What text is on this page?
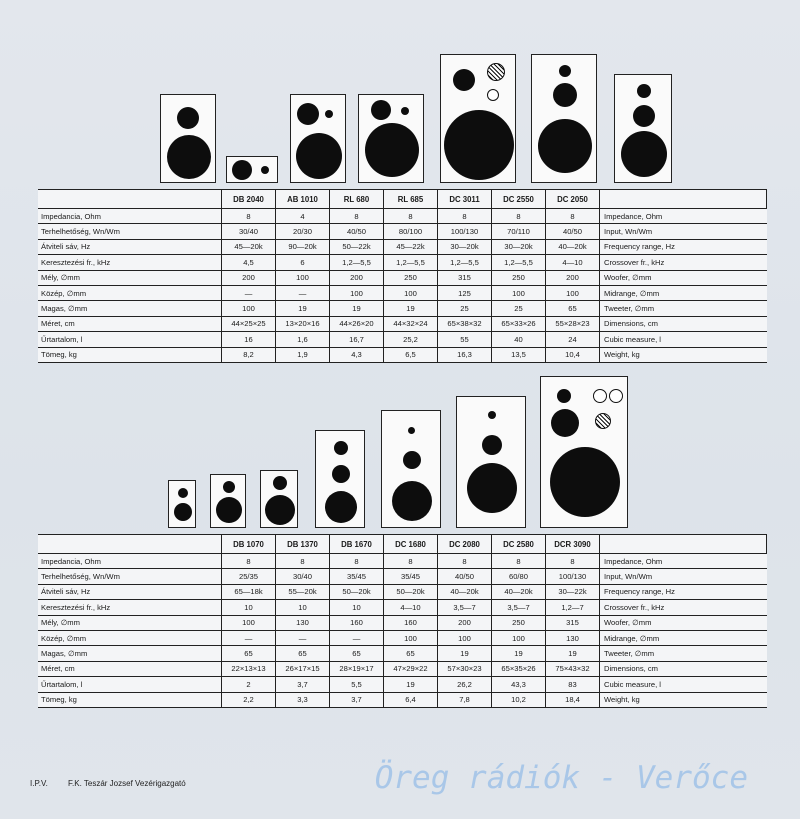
	DB 2040	AB 1010	RL 680	RL 685	DC 3011	DC 2550	DC 2050	
Impedancia, Ohm	8	4	8	8	8	8	8	Impedance, Ohm
Terhelhetőség, Wn/Wm	30/40	20/30	40/50	80/100	100/130	70/110	40/50	Input, Wn/Wm
Átviteli sáv, Hz	45—20k	90—20k	50—22k	45—22k	30—20k	30—20k	40—20k	Frequency range, Hz
Keresztezési fr., kHz	4,5	6	1,2—5,5	1,2—5,5	1,2—5,5	1,2—5,5	4—10	Crossover fr., kHz
Mély, ∅mm	200	100	200	250	315	250	200	Woofer, ∅mm
Közép, ∅mm	—	—	100	100	125	100	100	Midrange, ∅mm
Magas, ∅mm	100	19	19	19	25	25	65	Tweeter, ∅mm
Méret, cm	44×25×25	13×20×16	44×26×20	44×32×24	65×38×32	65×33×26	55×28×23	Dimensions, cm
Űrtartalom, l	16	1,6	16,7	25,2	55	40	24	Cubic measure, l
Tömeg, kg	8,2	1,9	4,3	6,5	16,3	13,5	10,4	Weight, kg
	DB 1070	DB 1370	DB 1670	DC 1680	DC 2080	DC 2580	DCR 3090	
Impedancia, Ohm	8	8	8	8	8	8	8	Impedance, Ohm
Terhelhetőség, Wn/Wm	25/35	30/40	35/45	35/45	40/50	60/80	100/130	Input, Wn/Wm
Átviteli sáv, Hz	65—18k	55—20k	50—20k	50—20k	40—20k	40—20k	30—22k	Frequency range, Hz
Keresztezési fr., kHz	10	10	10	4—10	3,5—7	3,5—7	1,2—7	Crossover fr., kHz
Mély, ∅mm	100	130	160	160	200	250	315	Woofer, ∅mm
Közép, ∅mm	—	—	—	100	100	100	130	Midrange, ∅mm
Magas, ∅mm	65	65	65	65	19	19	19	Tweeter, ∅mm
Méret, cm	22×13×13	26×17×15	28×19×17	47×29×22	57×30×23	65×35×26	75×43×32	Dimensions, cm
Űrtartalom, l	2	3,7	5,5	19	26,2	43,3	83	Cubic measure, l
Tömeg, kg	2,2	3,3	3,7	6,4	7,8	10,2	18,4	Weight, kg
I.P.V.	F.K. Teszár Jozsef Vezérigazgató	Öreg rádiók - Verőce
